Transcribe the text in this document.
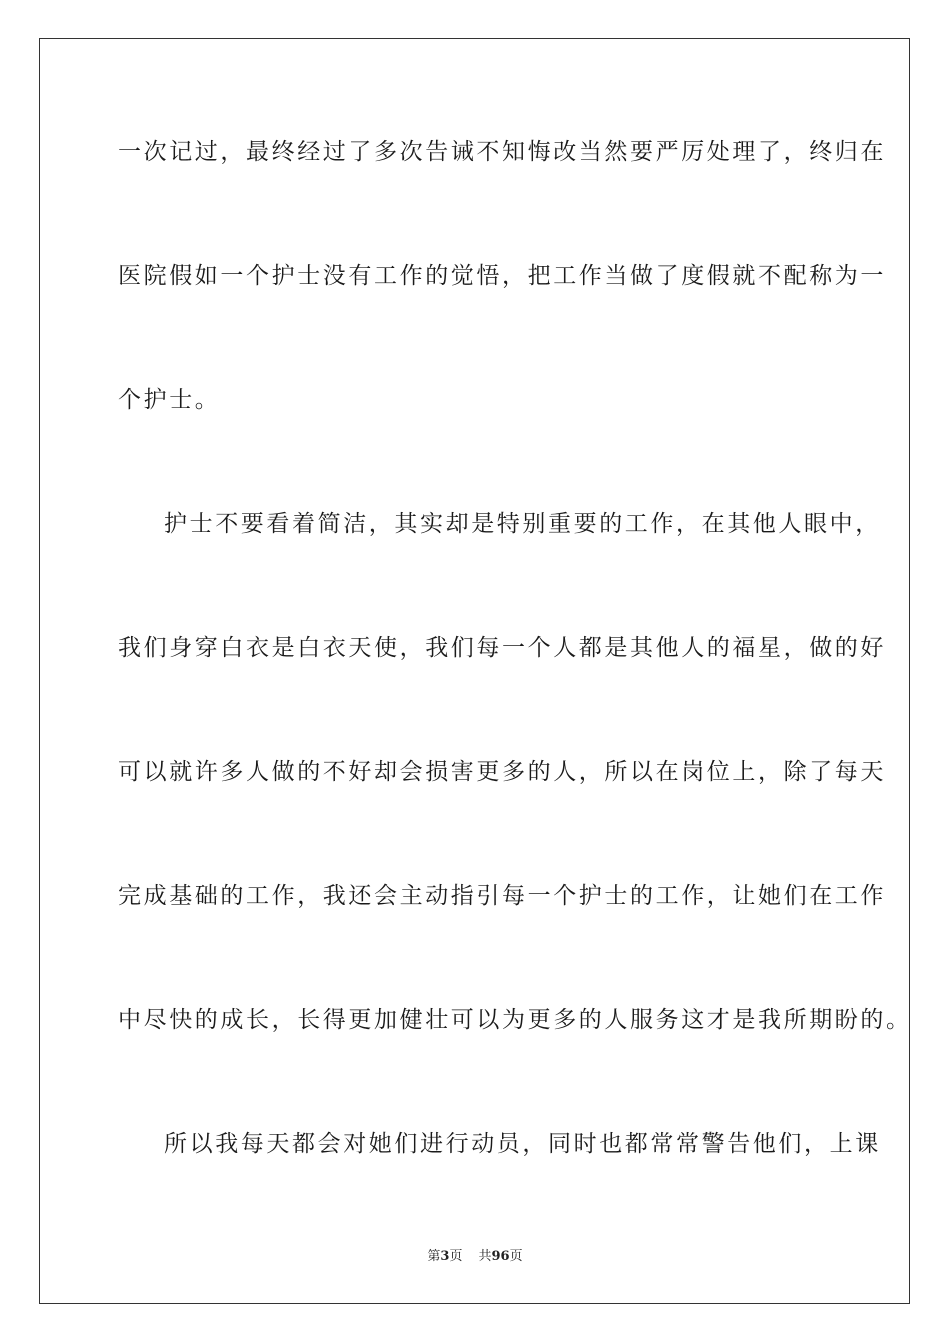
一次记过，最终经过了多次告诫不知悔改当然要严厉处理了，终归在
医院假如一个护士没有工作的觉悟，把工作当做了度假就不配称为一
个护士。
护士不要看着简洁，其实却是特别重要的工作，在其他人眼中，
我们身穿白衣是白衣天使，我们每一个人都是其他人的福星，做的好
可以就许多人做的不好却会损害更多的人，所以在岗位上，除了每天
完成基础的工作，我还会主动指引每一个护士的工作，让她们在工作
中尽快的成长，长得更加健壮可以为更多的人服务这才是我所期盼的。
所以我每天都会对她们进行动员，同时也都常常警告他们，上课
第3页 共96页
